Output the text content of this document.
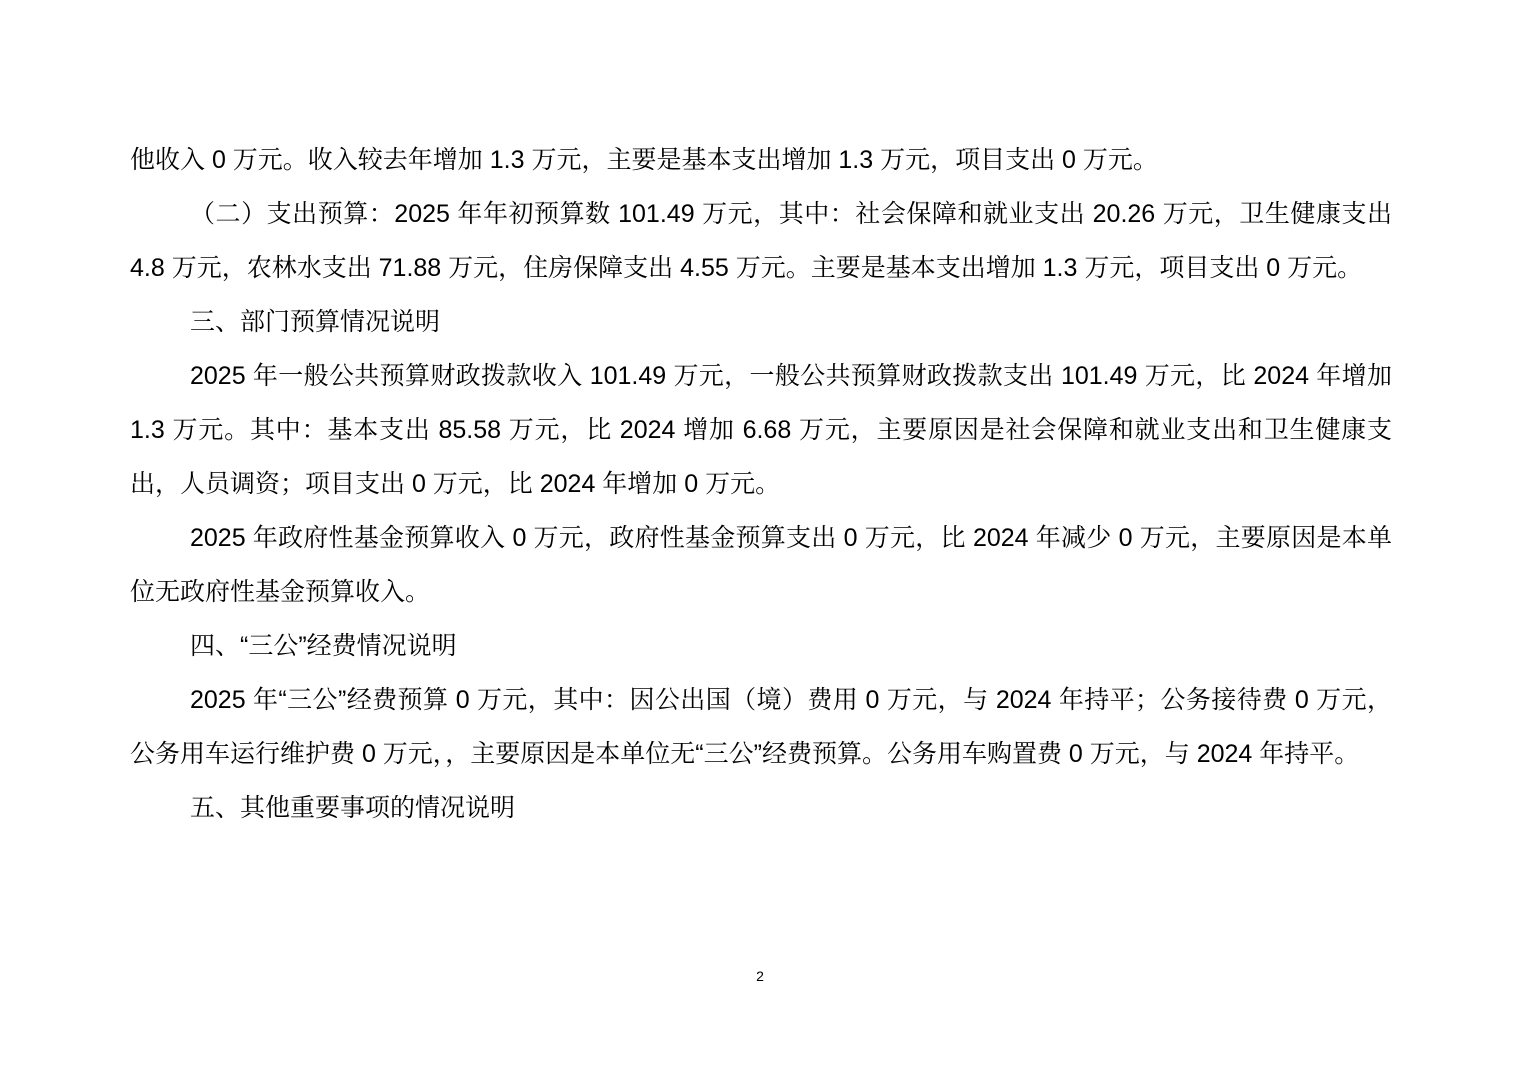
他收入 0 万元。收入较去年增加 1.3 万元，主要是基本支出增加 1.3 万元，项目支出 0 万元。

（二）支出预算：2025 年年初预算数 101.49 万元，其中：社会保障和就业支出 20.26 万元，卫生健康支出 4.8 万元，农林水支出 71.88 万元，住房保障支出 4.55 万元。主要是基本支出增加 1.3 万元，项目支出 0 万元。

三、部门预算情况说明

2025 年一般公共预算财政拨款收入 101.49 万元，一般公共预算财政拨款支出 101.49 万元，比 2024 年增加 1.3 万元。其中：基本支出 85.58 万元，比 2024 增加 6.68 万元，主要原因是社会保障和就业支出和卫生健康支出，人员调资；项目支出 0 万元，比 2024 年增加 0 万元。

2025 年政府性基金预算收入 0 万元，政府性基金预算支出 0 万元，比 2024 年减少 0 万元，主要原因是本单位无政府性基金预算收入。

四、“三公”经费情况说明

2025 年“三公”经费预算 0 万元，其中：因公出国（境）费用 0 万元，与 2024 年持平；公务接待费 0 万元，公务用车运行维护费 0 万元，，主要原因是本单位无“三公”经费预算。公务用车购置费 0 万元，与 2024 年持平。

五、其他重要事项的情况说明

2
